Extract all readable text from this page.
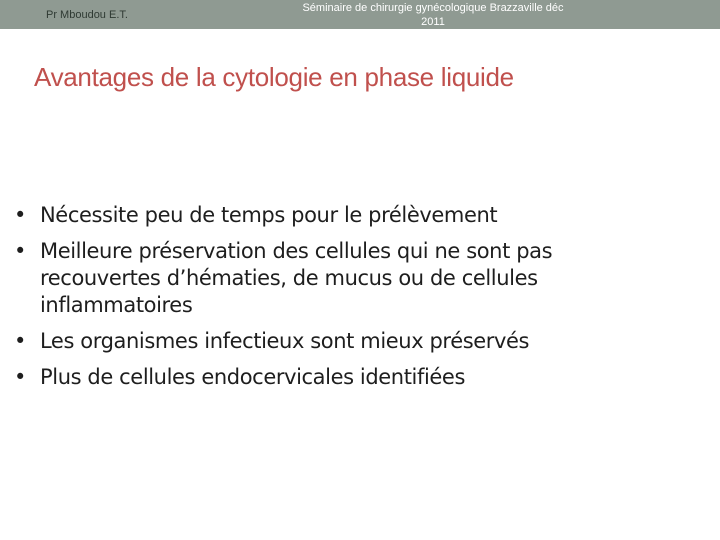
Pr Mboudou E.T.
Séminaire de chirurgie gynécologique Brazzaville déc
2011
Avantages de la cytologie en phase liquide
• Nécessite peu de temps pour le prélèvement
• Meilleure préservation des cellules qui ne sont pas recouvertes d’hématies, de mucus ou de cellules inflammatoires
• Les organismes infectieux sont mieux préservés
• Plus de cellules endocervicales identifiées
